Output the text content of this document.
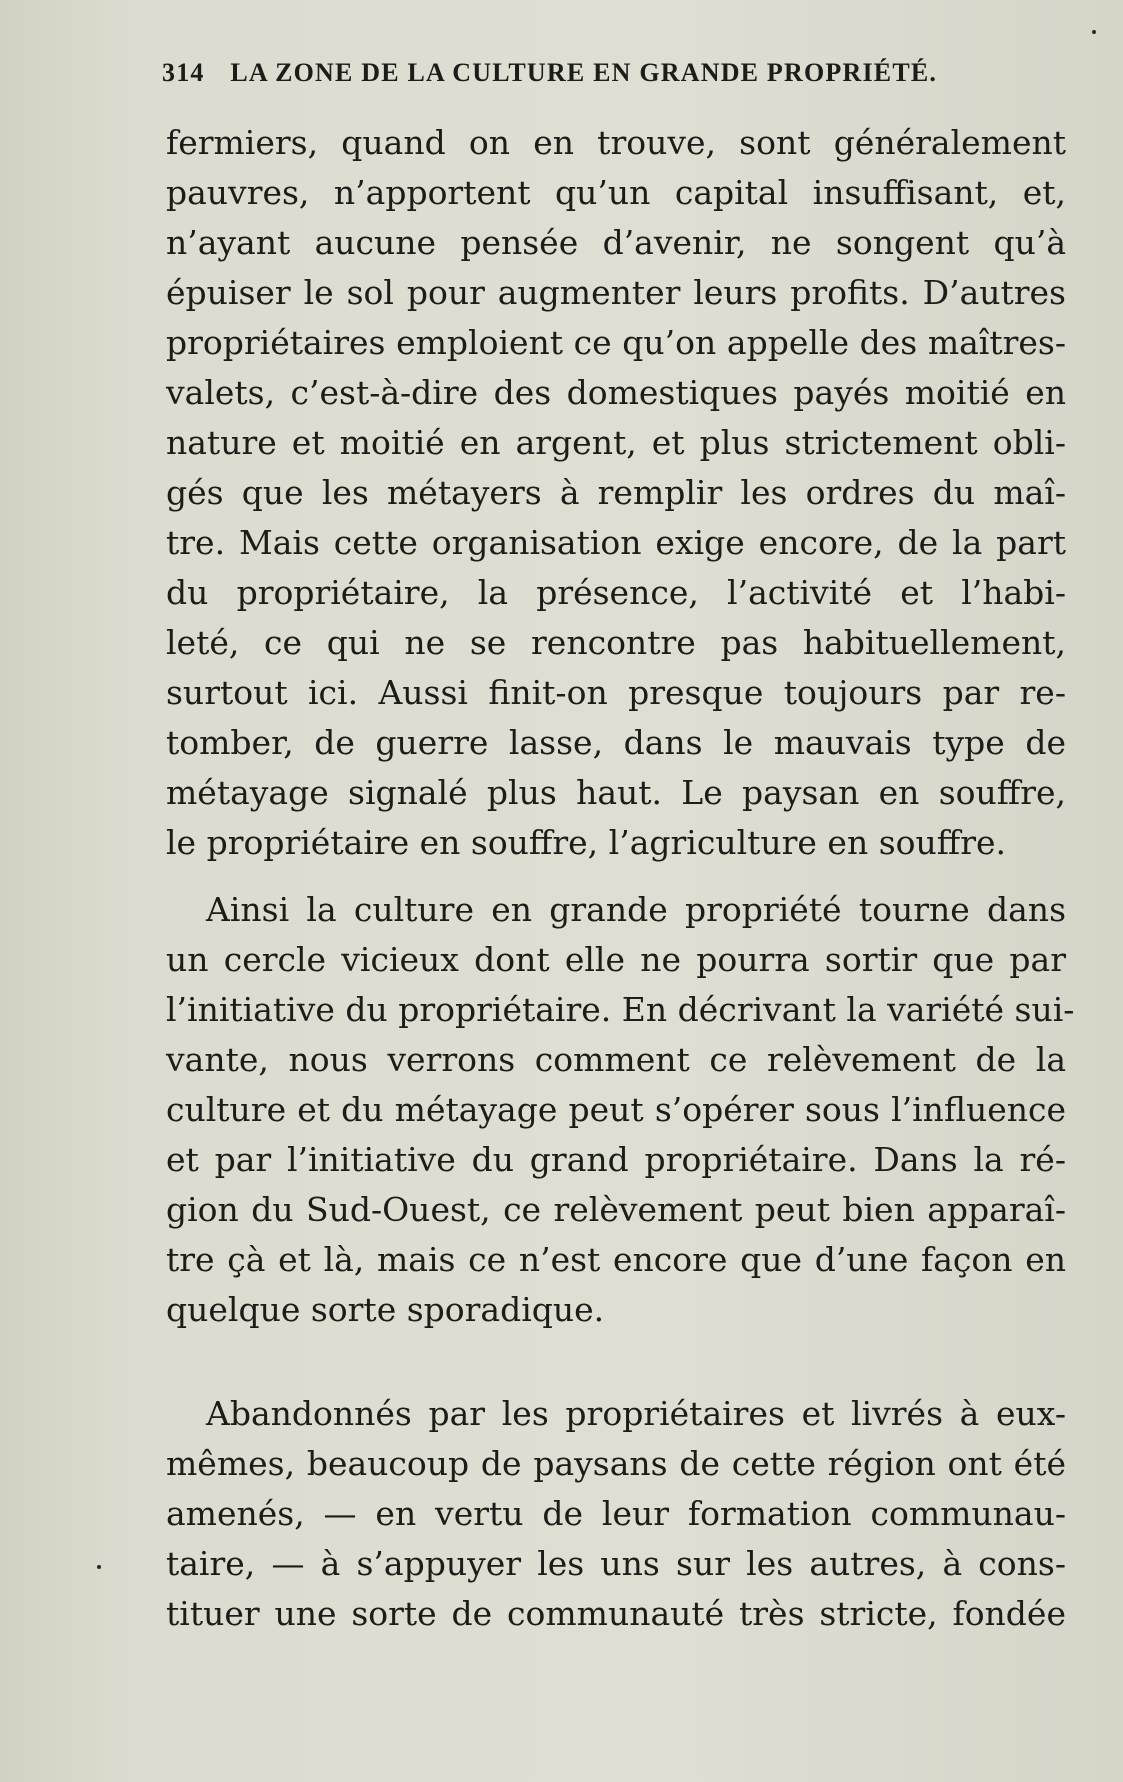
314 LA ZONE DE LA CULTURE EN GRANDE PROPRIÉTÉ.
fermiers, quand on en trouve, sont généralement
pauvres, n’apportent qu’un capital insuffisant, et,
n’ayant aucune pensée d’avenir, ne songent qu’à
épuiser le sol pour augmenter leurs profits. D’autres
propriétaires emploient ce qu’on appelle des maîtres-
valets, c’est-à-dire des domestiques payés moitié en
nature et moitié en argent, et plus strictement obli-
gés que les métayers à remplir les ordres du maî-
tre. Mais cette organisation exige encore, de la part
du propriétaire, la présence, l’activité et l’habi-
leté, ce qui ne se rencontre pas habituellement,
surtout ici. Aussi finit-on presque toujours par re-
tomber, de guerre lasse, dans le mauvais type de
métayage signalé plus haut. Le paysan en souffre,
le propriétaire en souffre, l’agriculture en souffre.
Ainsi la culture en grande propriété tourne dans
un cercle vicieux dont elle ne pourra sortir que par
l’initiative du propriétaire. En décrivant la variété sui-
vante, nous verrons comment ce relèvement de la
culture et du métayage peut s’opérer sous l’influence
et par l’initiative du grand propriétaire. Dans la ré-
gion du Sud-Ouest, ce relèvement peut bien apparaî-
tre çà et là, mais ce n’est encore que d’une façon en
quelque sorte sporadique.
Abandonnés par les propriétaires et livrés à eux-
mêmes, beaucoup de paysans de cette région ont été
amenés, — en vertu de leur formation communau-
taire, — à s’appuyer les uns sur les autres, à cons-
tituer une sorte de communauté très stricte, fondée
